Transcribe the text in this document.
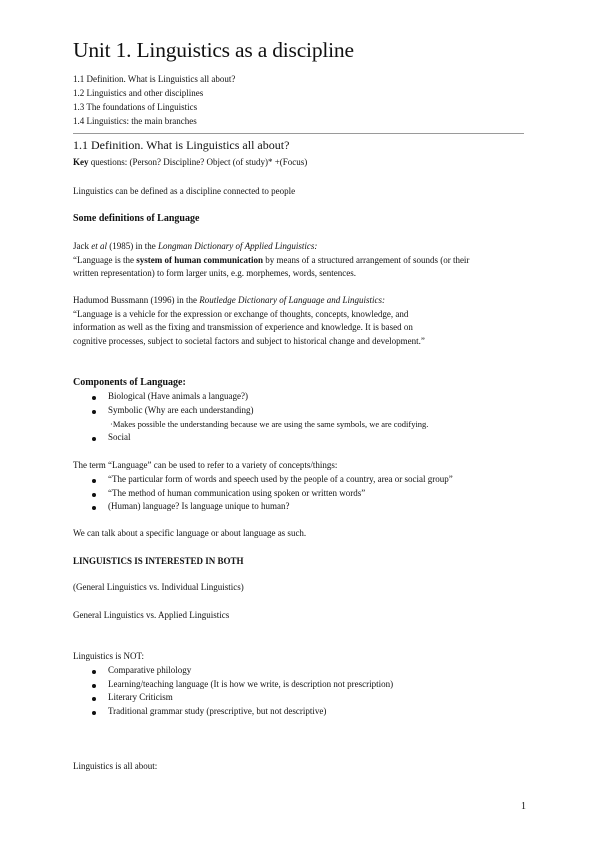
Unit 1. Linguistics as a discipline
1.1 Definition. What is Linguistics all about?
1.2 Linguistics and other disciplines
1.3 The foundations of Linguistics
1.4 Linguistics: the main branches
1.1 Definition. What is Linguistics all about?
Key questions: (Person? Discipline? Object (of study)* +(Focus)
Linguistics can be defined as a discipline connected to people
Some definitions of Language
Jack et al (1985) in the Longman Dictionary of Applied Linguistics:
“Language is the system of human communication by means of a structured arrangement of sounds (or their
written representation) to form larger units, e.g. morphemes, words, sentences.
Hadumod Bussmann (1996) in the Routledge Dictionary of Language and Linguistics:
“Language is a vehicle for the expression or exchange of thoughts, concepts, knowledge, and
information as well as the fixing and transmission of experience and knowledge. It is based on
cognitive processes, subject to societal factors and subject to historical change and development.”
Components of Language:
Biological (Have animals a language?)
Symbolic (Why are each understanding)
·Makes possible the understanding because we are using the same symbols, we are codifying.
Social
The term “Language” can be used to refer to a variety of concepts/things:
“The particular form of words and speech used by the people of a country, area or social group”
“The method of human communication using spoken or written words”
(Human) language? Is language unique to human?
We can talk about a specific language or about language as such.
LINGUISTICS IS INTERESTED IN BOTH
(General Linguistics vs. Individual Linguistics)
General Linguistics vs. Applied Linguistics
Linguistics is NOT:
Comparative philology
Learning/teaching language (It is how we write, is description not prescription)
Literary Criticism
Traditional grammar study (prescriptive, but not descriptive)
Linguistics is all about:
1
